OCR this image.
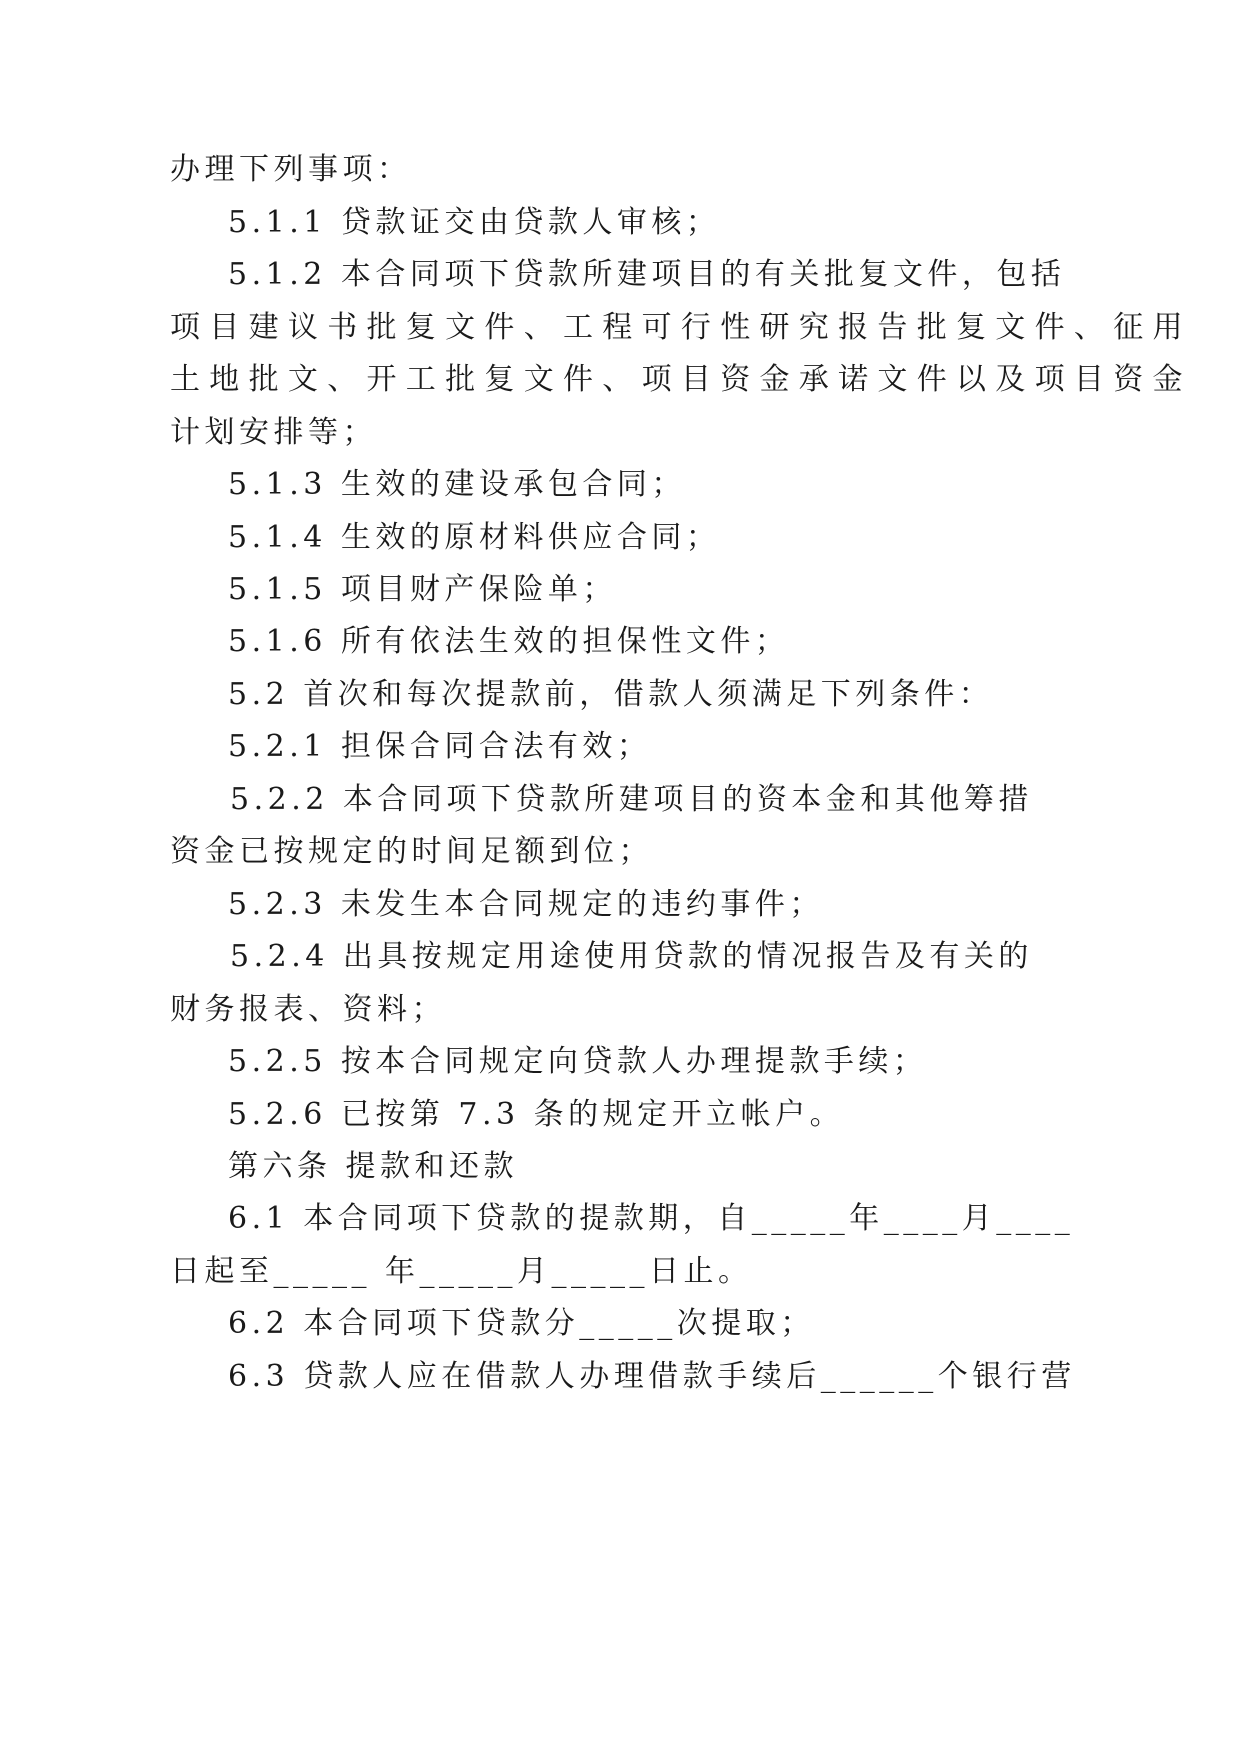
办理下列事项：
5.1.1 贷款证交由贷款人审核；
5.1.2 本合同项下贷款所建项目的有关批复文件，包括
项目建议书批复文件、工程可行性研究报告批复文件、征用
土地批文、开工批复文件、项目资金承诺文件以及项目资金
计划安排等；
5.1.3 生效的建设承包合同；
5.1.4 生效的原材料供应合同；
5.1.5 项目财产保险单；
5.1.6 所有依法生效的担保性文件；
5.2 首次和每次提款前，借款人须满足下列条件：
5.2.1 担保合同合法有效；
5.2.2 本合同项下贷款所建项目的资本金和其他筹措
资金已按规定的时间足额到位；
5.2.3 未发生本合同规定的违约事件；
5.2.4 出具按规定用途使用贷款的情况报告及有关的
财务报表、资料；
5.2.5 按本合同规定向贷款人办理提款手续；
5.2.6 已按第 7.3 条的规定开立帐户。
第六条 提款和还款
6.1 本合同项下贷款的提款期，自_____年____月____
日起至_____ 年_____月_____日止。
6.2 本合同项下贷款分_____次提取；
6.3 贷款人应在借款人办理借款手续后______个银行营
